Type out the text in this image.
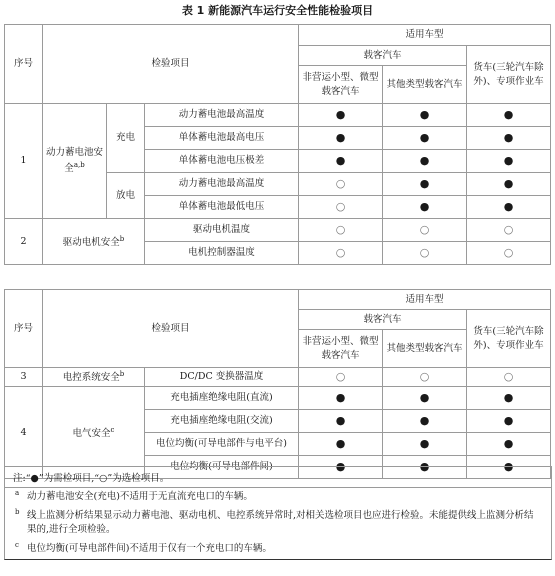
表 1 新能源汽车运行安全性能检验项目
序号	检验项目			适用车型		
				载客汽车		货车(三轮汽车除外)、专项作业车
				非营运小型、微型载客汽车	其他类型载客汽车	
1	动力蓄电池安全$^{a,b}$	充电	动力蓄电池最高温度	●	●	●
			单体蓄电池最高电压	●	●	●
			单体蓄电池电压极差	●	●	●
		放电	动力蓄电池最高温度	○	●	●
			单体蓄电池最低电压	○	●	●
2	驱动电机安全$^b$		驱动电机温度	○	○	○
			电机控制器温度	○	○	○
序号	检验项目		适用车型		
			载客汽车		货车(三轮汽车除外)、专项作业车
			非营运小型、微型载客汽车	其他类型载客汽车	
3	电控系统安全$^b$	DC/DC 变换器温度	○	○	○
4	电气安全$^c$	充电插座绝缘电阻(直流)	●	●	●
		充电插座绝缘电阻(交流)	●	●	●
		电位均衡(可导电部件与电平台)	●	●	●
		电位均衡(可导电部件间)	●	●	●
注:“●”为需检项目,“○”为选检项目。
a 动力蓄电池安全(充电)不适用于无直流充电口的车辆。
b 线上监测分析结果显示动力蓄电池、驱动电机、电控系统异常时,对相关选检项目也应进行检验。未能提供线上监测分析结果的,进行全项检验。
c 电位均衡(可导电部件间)不适用于仅有一个充电口的车辆。
